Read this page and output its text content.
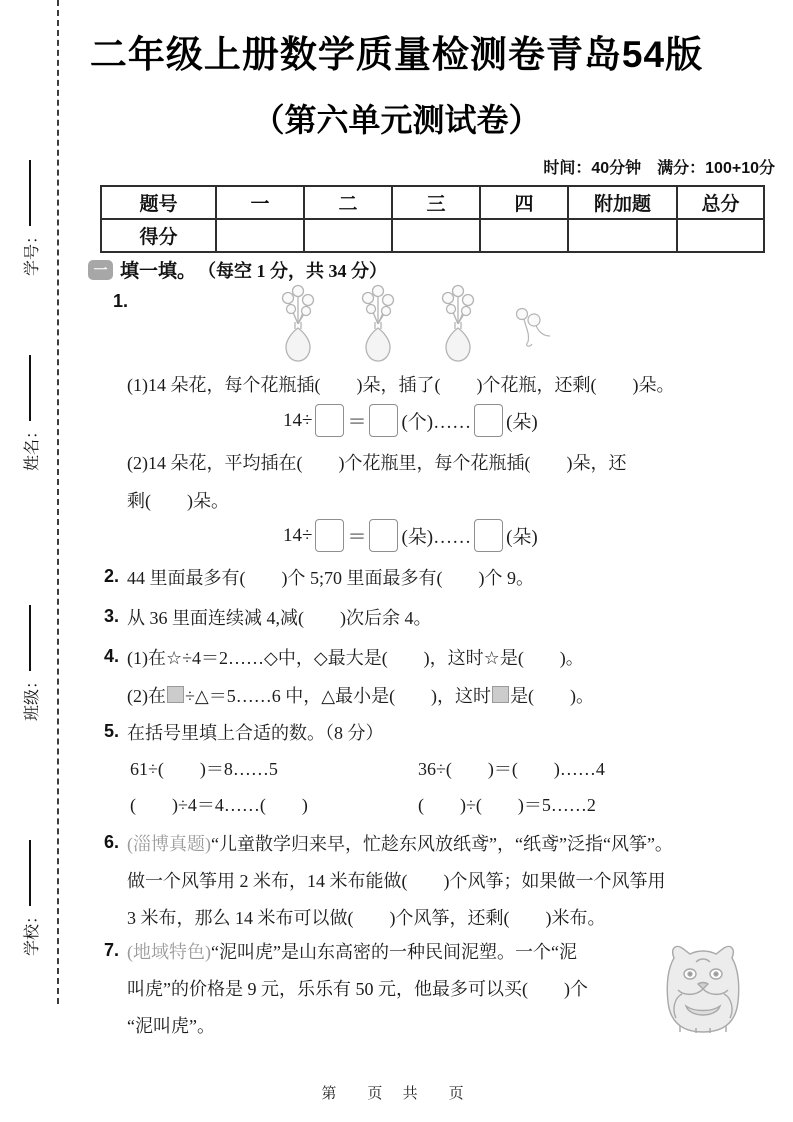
学号：
姓名：
班级：
学校：
二年级上册数学质量检测卷青岛54版
（第六单元测试卷）
时间：40分钟　满分：100+10分
题号	一	二	三	四	附加题	总分
得分						
一 填一填。 （每空 1 分，共 34 分）
1.
(1)14 朵花，每个花瓶插(　　)朵，插了(　　)个花瓶，还剩(　　)朵。
14÷ ＝ (个)…… (朵)
(2)14 朵花，平均插在(　　)个花瓶里，每个花瓶插(　　)朵，还
剩(　　)朵。
14÷ ＝ (朵)…… (朵)
2. 44 里面最多有(　　)个 5;70 里面最多有(　　)个 9。
3. 从 36 里面连续减 4,减(　　)次后余 4。
4. (1)在☆÷4＝2……◇中，◇最大是(　　)，这时☆是(　　)。
(2)在 ÷△＝5……6 中，△最小是(　　)，这时 是(　　)。
5. 在括号里填上合适的数。（8 分）
61÷(　　)＝8……5	36÷(　　)＝(　　)……4
(　　)÷4＝4……(　　)	(　　)÷(　　)＝5……2
6. (淄博真题)“儿童散学归来早，忙趁东风放纸鸢”，“纸鸢”泛指“风筝”。
做一个风筝用 2 米布，14 米布能做(　　)个风筝；如果做一个风筝用
3 米布，那么 14 米布可以做(　　)个风筝，还剩(　　)米布。
7. (地域特色)“泥叫虎”是山东高密的一种民间泥塑。一个“泥
叫虎”的价格是 9 元，乐乐有 50 元，他最多可以买(　　)个
“泥叫虎”。
第　页 共　页
